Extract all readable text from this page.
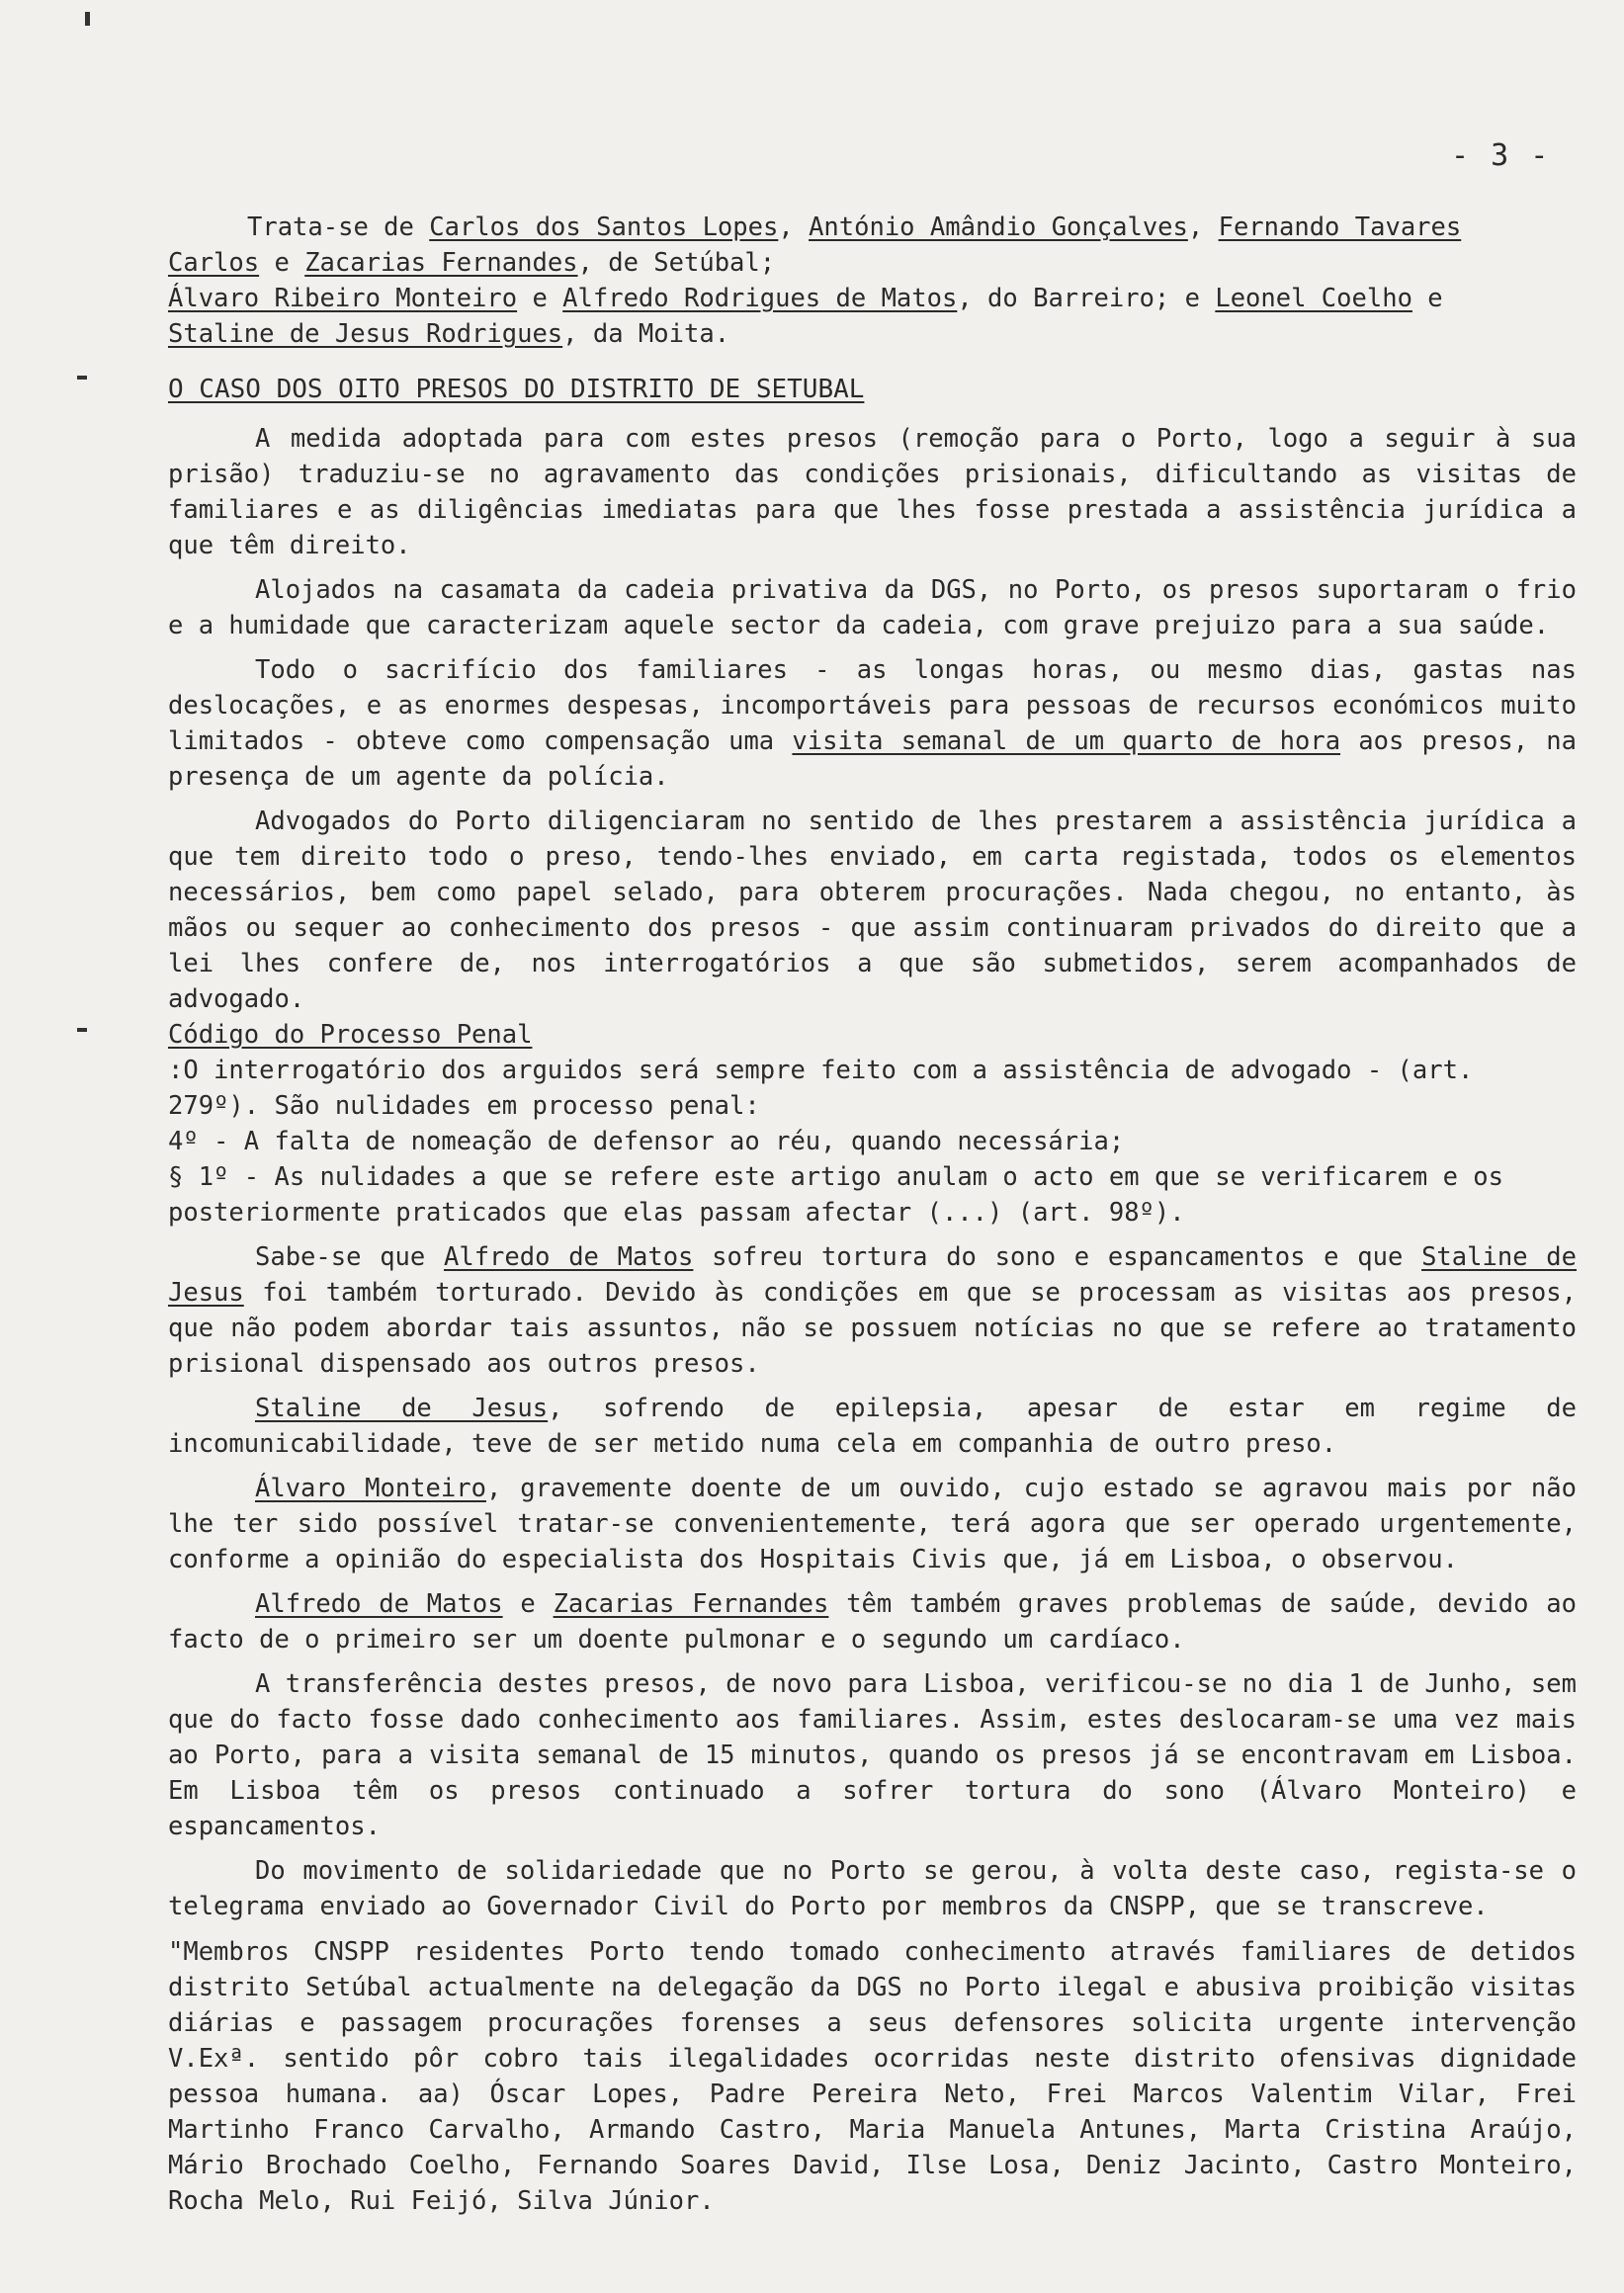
- 3 -
Trata-se de Carlos dos Santos Lopes, António Amândio Gonçalves, Fernando Tavares
Carlos e Zacarias Fernandes, de Setúbal;
Álvaro Ribeiro Monteiro e Alfredo Rodrigues de Matos, do Barreiro; e Leonel Coelho e
Staline de Jesus Rodrigues, da Moita.
O CASO DOS OITO PRESOS DO DISTRITO DE SETUBAL

A medida adoptada para com estes presos (remoção para o Porto, logo a seguir à sua prisão) traduziu-se no agravamento das condições prisionais, dificultando as visitas de familiares e as diligências imediatas para que lhes fosse prestada a assistência jurídica a que têm direito.

Alojados na casamata da cadeia privativa da DGS, no Porto, os presos suportaram o frio e a humidade que caracterizam aquele sector da cadeia, com grave prejuizo para a sua saúde.

Todo o sacrifício dos familiares - as longas horas, ou mesmo dias, gastas nas deslocações, e as enormes despesas, incomportáveis para pessoas de recursos económicos muito limitados - obteve como compensação uma visita semanal de um quarto de hora aos presos, na presença de um agente da polícia.

Advogados do Porto diligenciaram no sentido de lhes prestarem a assistência jurídica a que tem direito todo o preso, tendo-lhes enviado, em carta registada, todos os elementos necessários, bem como papel selado, para obterem procurações. Nada chegou, no entanto, às mãos ou sequer ao conhecimento dos presos - que assim continuaram privados do direito que a lei lhes confere de, nos interrogatórios a que são submetidos, serem acompanhados de advogado.

Código do Processo Penal
:O interrogatório dos arguidos será sempre feito com a assistência de advogado - (art. 279º). São nulidades em processo penal:
4º - A falta de nomeação de defensor ao réu, quando necessária;
§ 1º - As nulidades a que se refere este artigo anulam o acto em que se verificarem e os posteriormente praticados que elas passam afectar (...) (art. 98º).

Sabe-se que Alfredo de Matos sofreu tortura do sono e espancamentos e que Staline de Jesus foi também torturado. Devido às condições em que se processam as visitas aos presos, que não podem abordar tais assuntos, não se possuem notícias no que se refere ao tratamento prisional dispensado aos outros presos.

Staline de Jesus, sofrendo de epilepsia, apesar de estar em regime de incomunicabilidade, teve de ser metido numa cela em companhia de outro preso.

Álvaro Monteiro, gravemente doente de um ouvido, cujo estado se agravou mais por não lhe ter sido possível tratar-se convenientemente, terá agora que ser operado urgentemente, conforme a opinião do especialista dos Hospitais Civis que, já em Lisboa, o observou.

Alfredo de Matos e Zacarias Fernandes têm também graves problemas de saúde, devido ao facto de o primeiro ser um doente pulmonar e o segundo um cardíaco.

A transferência destes presos, de novo para Lisboa, verificou-se no dia 1 de Junho, sem que do facto fosse dado conhecimento aos familiares. Assim, estes deslocaram-se uma vez mais ao Porto, para a visita semanal de 15 minutos, quando os presos já se encontravam em Lisboa. Em Lisboa têm os presos continuado a sofrer tortura do sono (Álvaro Monteiro) e espancamentos.

Do movimento de solidariedade que no Porto se gerou, à volta deste caso, regista-se o telegrama enviado ao Governador Civil do Porto por membros da CNSPP, que se transcreve.

"Membros CNSPP residentes Porto tendo tomado conhecimento através familiares de detidos distrito Setúbal actualmente na delegação da DGS no Porto ilegal e abusiva proibição visitas diárias e passagem procurações forenses a seus defensores solicita urgente intervenção V.Exª. sentido pôr cobro tais ilegalidades ocorridas neste distrito ofensivas dignidade pessoa humana. aa) Óscar Lopes, Padre Pereira Neto, Frei Marcos Valentim Vilar, Frei Martinho Franco Carvalho, Armando Castro, Maria Manuela Antunes, Marta Cristina Araújo, Mário Brochado Coelho, Fernando Soares David, Ilse Losa, Deniz Jacinto, Castro Monteiro, Rocha Melo, Rui Feijó, Silva Júnior.
